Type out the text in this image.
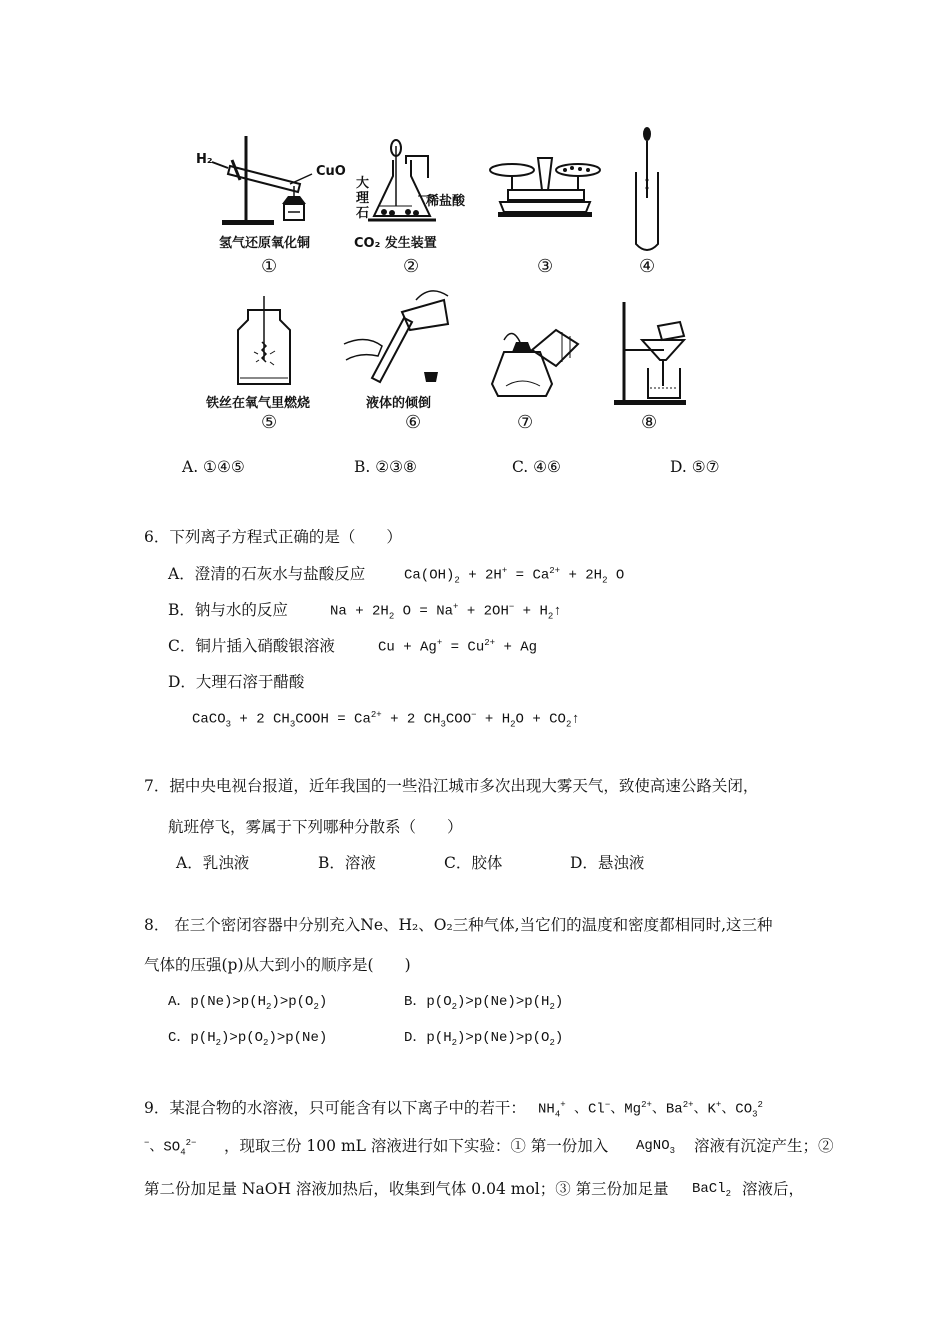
H₂
CuO
氢气还原氧化铜
①
大
理
石
稀盐酸
CO₂ 发生装置
②	③	④
铁丝在氧气里燃烧
⑤
液体的倾倒
⑥	⑦	⑧
A. ①④⑤	B. ②③⑧	C. ④⑥	D. ⑤⑦
6．下列离子方程式正确的是（　　）
A．澄清的石灰水与盐酸反应	$Ca(OH)_2 + 2H^+ = Ca^{2+} + 2H_2$ O
B．钠与水的反应	$Na + 2H_2$ $O = Na^+ + 2OH^- + H_2↑$
C．铜片插入硝酸银溶液	$Cu + Ag^+ = Cu^{2+} + Ag$
D．大理石溶于醋酸
CaCO$_3$ + 2 $CH_3COOH = Ca^{2+} + 2$ $CH_3COO^- + H_2O$ + $CO_2↑$
7．据中央电视台报道，近年我国的一些沿江城市多次出现大雾天气，致使高速公路关闭，
航班停飞，雾属于下列哪种分散系（　　）
A．乳浊液	B．溶液	C．胶体	D．悬浊液
8． 在三个密闭容器中分别充入Ne、H₂、O₂三种气体,当它们的温度和密度都相同时,这三种
气体的压强(p)从大到小的顺序是(　　)
A．$p(Ne)>p(H_2)>p(O_2)$	B．$p(O_2)>p(Ne)>p(H_2)$
C．$p(H_2)>p(O_2)>p(Ne)$	D．$p(H_2)>p(Ne)>p(O_2)$
9．某混合物的水溶液，只可能含有以下离子中的若干： $NH_4^+$ 、Cl−、$Mg^{2+}$、$Ba^{2+}$、K+、$CO_3^2$
−、$SO_4^{2-}$ ，现取三份 100 mL 溶液进行如下实验：① 第一份加入 AgNO$_3$ 溶液有沉淀产生；②
第二份加足量 NaOH 溶液加热后，收集到气体 0.04 mol；③ 第三份加足量 BaCl$_2$ 溶液后，
